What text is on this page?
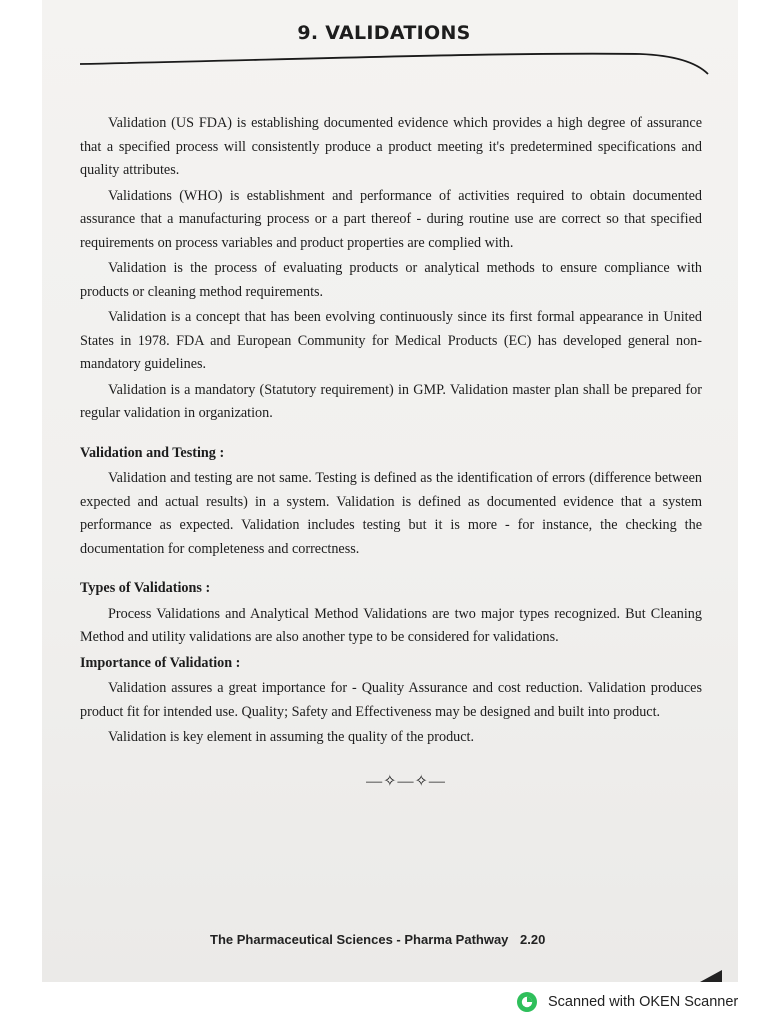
9. VALIDATIONS

Validation (US FDA) is establishing documented evidence which provides a high degree of assurance that a specified process will consistently produce a product meeting it's predetermined specifications and quality attributes.

Validations (WHO) is establishment and performance of activities required to obtain documented assurance that a manufacturing process or a part thereof - during routine use are correct so that specified requirements on process variables and product properties are complied with.

Validation is the process of evaluating products or analytical methods to ensure compliance with products or cleaning method requirements.

Validation is a concept that has been evolving continuously since its first formal appearance in United States in 1978. FDA and European Community for Medical Products (EC) has developed general non-mandatory guidelines.

Validation is a mandatory (Statutory requirement) in GMP. Validation master plan shall be prepared for regular validation in organization.

Validation and Testing :

Validation and testing are not same. Testing is defined as the identification of errors (difference between expected and actual results) in a system. Validation is defined as documented evidence that a system performance as expected. Validation includes testing but it is more - for instance, the checking the documentation for completeness and correctness.

Types of Validations :

Process Validations and Analytical Method Validations are two major types recognized. But Cleaning Method and utility validations are also another type to be considered for validations.

Importance of Validation :

Validation assures a great importance for - Quality Assurance and cost reduction. Validation produces product fit for intended use. Quality; Safety and Effectiveness may be designed and built into product.

Validation is key element in assuming the quality of the product.

—✧—✧—
The Pharmaceutical Sciences - Pharma Pathway 2.20
Scanned with OKEN Scanner
